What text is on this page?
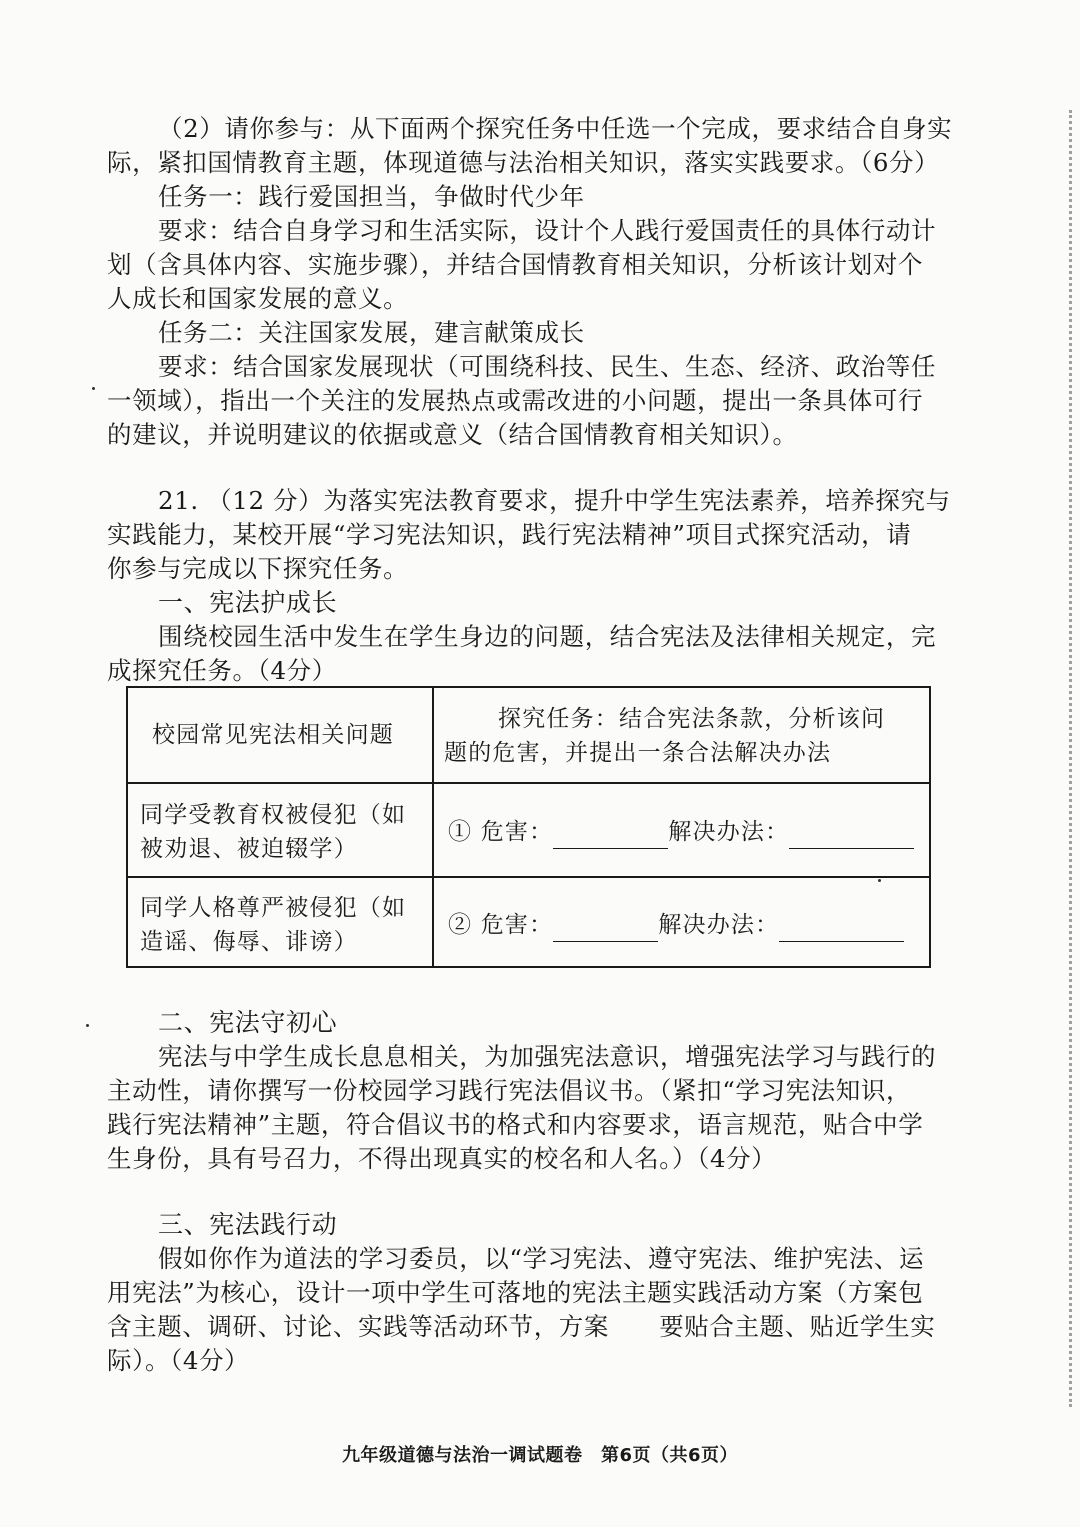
（2）请你参与：从下面两个探究任务中任选一个完成，要求结合自身实
际，紧扣国情教育主题，体现道德与法治相关知识，落实实践要求。（6分）
任务一：践行爱国担当，争做时代少年
要求：结合自身学习和生活实际，设计个人践行爱国责任的具体行动计
划（含具体内容、实施步骤），并结合国情教育相关知识，分析该计划对个
人成长和国家发展的意义。
任务二：关注国家发展，建言献策成长
要求：结合国家发展现状（可围绕科技、民生、生态、经济、政治等任
一领域），指出一个关注的发展热点或需改进的小问题，提出一条具体可行
的建议，并说明建议的依据或意义（结合国情教育相关知识）。
21. （12 分）为落实宪法教育要求，提升中学生宪法素养，培养探究与
实践能力，某校开展“学习宪法知识，践行宪法精神”项目式探究活动，请
你参与完成以下探究任务。
一、宪法护成长
围绕校园生活中发生在学生身边的问题，结合宪法及法律相关规定，完
成探究任务。（4分）
校园常见宪法相关问题
探究任务：结合宪法条款，分析该问
题的危害，并提出一条合法解决办法
同学受教育权被侵犯（如
被劝退、被迫辍学）
① 危害：	解决办法：
同学人格尊严被侵犯（如
造谣、侮辱、诽谤）
② 危害：	解决办法：
二、宪法守初心
宪法与中学生成长息息相关，为加强宪法意识，增强宪法学习与践行的
主动性，请你撰写一份校园学习践行宪法倡议书。（紧扣“学习宪法知识，
践行宪法精神”主题，符合倡议书的格式和内容要求，语言规范，贴合中学
生身份，具有号召力，不得出现真实的校名和人名。）（4分）
三、宪法践行动
假如你作为道法的学习委员，以“学习宪法、遵守宪法、维护宪法、运
用宪法”为核心，设计一项中学生可落地的宪法主题实践活动方案（方案包
含主题、调研、讨论、实践等活动环节，方案　　要贴合主题、贴近学生实
际）。（4分）
九年级道德与法治一调试题卷　第6页（共6页）
